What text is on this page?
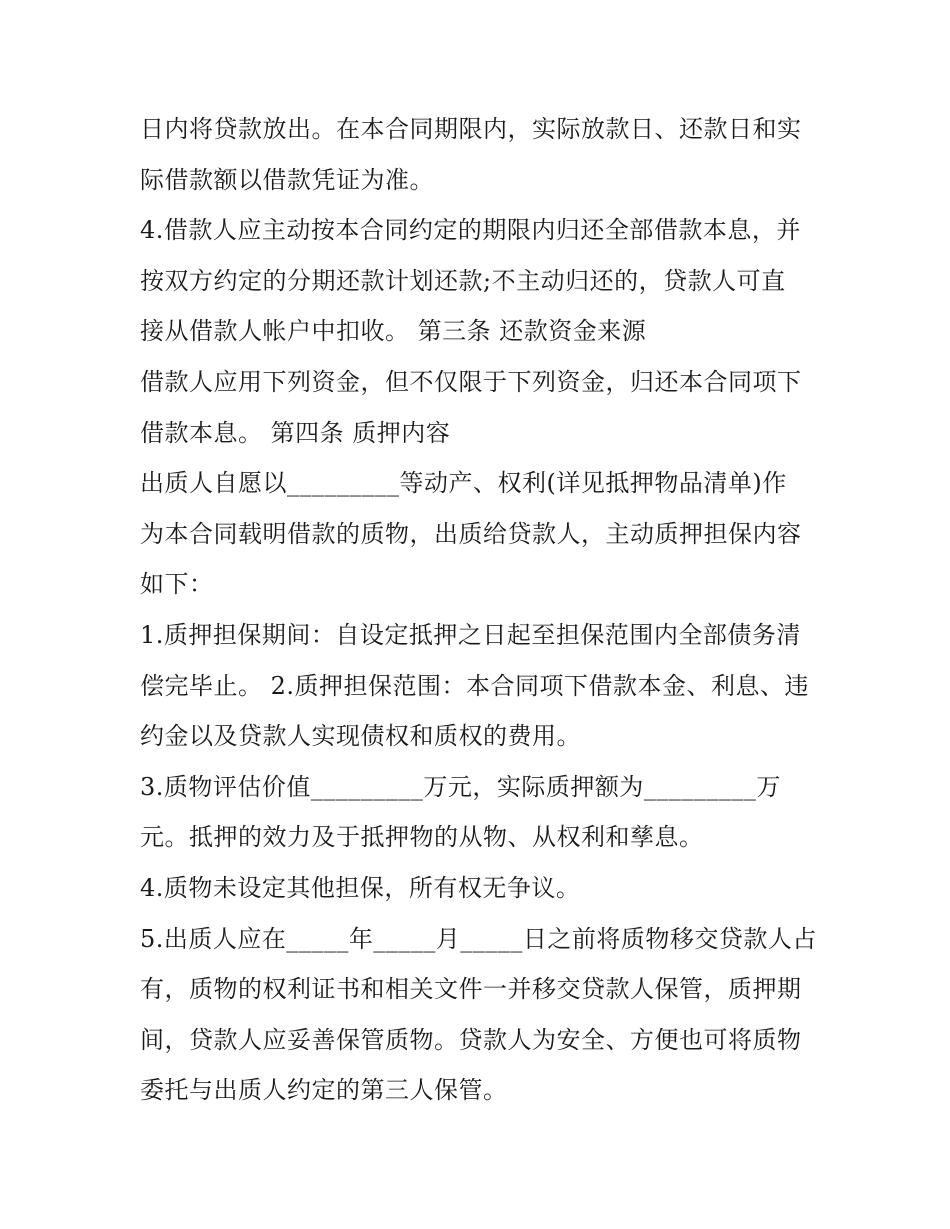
日内将贷款放出。在本合同期限内，实际放款日、还款日和实
际借款额以借款凭证为准。
4.借款人应主动按本合同约定的期限内归还全部借款本息，并
按双方约定的分期还款计划还款;不主动归还的，贷款人可直
接从借款人帐户中扣收。 第三条 还款资金来源
借款人应用下列资金，但不仅限于下列资金，归还本合同项下
借款本息。 第四条 质押内容
出质人自愿以_________等动产、权利(详见抵押物品清单)作
为本合同载明借款的质物，出质给贷款人，主动质押担保内容
如下：
1.质押担保期间：自设定抵押之日起至担保范围内全部债务清
偿完毕止。 2.质押担保范围：本合同项下借款本金、利息、违
约金以及贷款人实现债权和质权的费用。
3.质物评估价值_________万元，实际质押额为_________万
元。抵押的效力及于抵押物的从物、从权利和孳息。
4.质物未设定其他担保，所有权无争议。
5.出质人应在_____年_____月_____日之前将质物移交贷款人占
有，质物的权利证书和相关文件一并移交贷款人保管，质押期
间，贷款人应妥善保管质物。贷款人为安全、方便也可将质物
委托与出质人约定的第三人保管。
